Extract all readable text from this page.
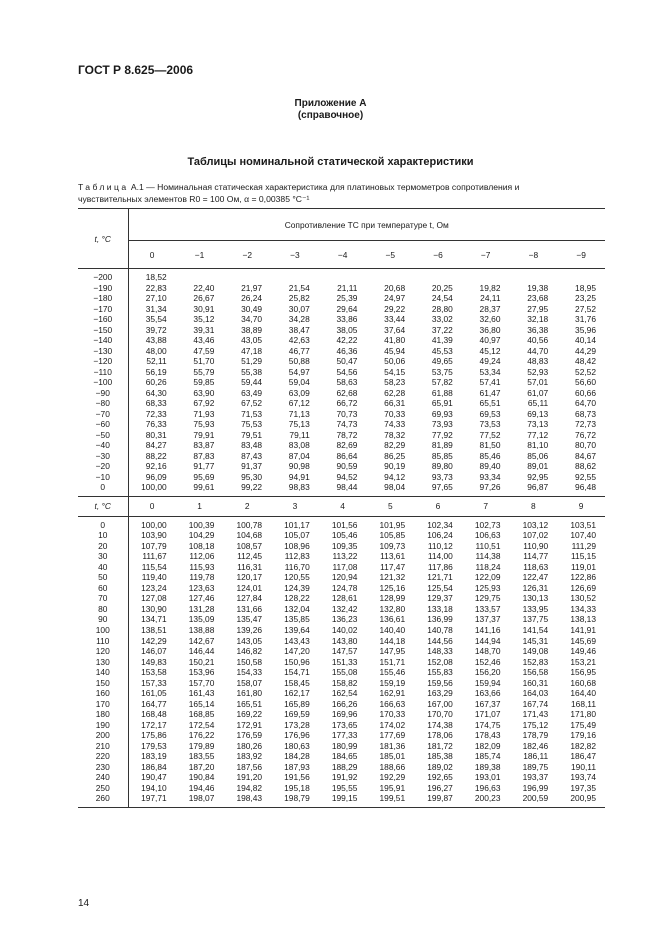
ГОСТ Р 8.625—2006
Приложение А
(справочное)
Таблицы номинальной статической характеристики
Таблица А.1 — Номинальная статическая характеристика для платиновых термометров сопротивления и
чувствительных элементов R0 = 100 Ом, α = 0,00385 °C⁻¹
t, °C	Сопротивление ТС при температуре t, Ом									
	0	−1	−2	−3	−4	−5	−6	−7	−8	−9

−200	18,52									
−190	22,83	22,40	21,97	21,54	21,11	20,68	20,25	19,82	19,38	18,95
−180	27,10	26,67	26,24	25,82	25,39	24,97	24,54	24,11	23,68	23,25
−170	31,34	30,91	30,49	30,07	29,64	29,22	28,80	28,37	27,95	27,52
−160	35,54	35,12	34,70	34,28	33,86	33,44	33,02	32,60	32,18	31,76
−150	39,72	39,31	38,89	38,47	38,05	37,64	37,22	36,80	36,38	35,96
−140	43,88	43,46	43,05	42,63	42,22	41,80	41,39	40,97	40,56	40,14
−130	48,00	47,59	47,18	46,77	46,36	45,94	45,53	45,12	44,70	44,29
−120	52,11	51,70	51,29	50,88	50,47	50,06	49,65	49,24	48,83	48,42
−110	56,19	55,79	55,38	54,97	54,56	54,15	53,75	53,34	52,93	52,52
−100	60,26	59,85	59,44	59,04	58,63	58,23	57,82	57,41	57,01	56,60
−90	64,30	63,90	63,49	63,09	62,68	62,28	61,88	61,47	61,07	60,66
−80	68,33	67,92	67,52	67,12	66,72	66,31	65,91	65,51	65,11	64,70
−70	72,33	71,93	71,53	71,13	70,73	70,33	69,93	69,53	69,13	68,73
−60	76,33	75,93	75,53	75,13	74,73	74,33	73,93	73,53	73,13	72,73
−50	80,31	79,91	79,51	79,11	78,72	78,32	77,92	77,52	77,12	76,72
−40	84,27	83,87	83,48	83,08	82,69	82,29	81,89	81,50	81,10	80,70
−30	88,22	87,83	87,43	87,04	86,64	86,25	85,85	85,46	85,06	84,67
−20	92,16	91,77	91,37	90,98	90,59	90,19	89,80	89,40	89,01	88,62
−10	96,09	95,69	95,30	94,91	94,52	94,12	93,73	93,34	92,95	92,55
0	100,00	99,61	99,22	98,83	98,44	98,04	97,65	97,26	96,87	96,48

t, °C	0	1	2	3	4	5	6	7	8	9

0	100,00	100,39	100,78	101,17	101,56	101,95	102,34	102,73	103,12	103,51
10	103,90	104,29	104,68	105,07	105,46	105,85	106,24	106,63	107,02	107,40
20	107,79	108,18	108,57	108,96	109,35	109,73	110,12	110,51	110,90	111,29
30	111,67	112,06	112,45	112,83	113,22	113,61	114,00	114,38	114,77	115,15
40	115,54	115,93	116,31	116,70	117,08	117,47	117,86	118,24	118,63	119,01
50	119,40	119,78	120,17	120,55	120,94	121,32	121,71	122,09	122,47	122,86
60	123,24	123,63	124,01	124,39	124,78	125,16	125,54	125,93	126,31	126,69
70	127,08	127,46	127,84	128,22	128,61	128,99	129,37	129,75	130,13	130,52
80	130,90	131,28	131,66	132,04	132,42	132,80	133,18	133,57	133,95	134,33
90	134,71	135,09	135,47	135,85	136,23	136,61	136,99	137,37	137,75	138,13
100	138,51	138,88	139,26	139,64	140,02	140,40	140,78	141,16	141,54	141,91
110	142,29	142,67	143,05	143,43	143,80	144,18	144,56	144,94	145,31	145,69
120	146,07	146,44	146,82	147,20	147,57	147,95	148,33	148,70	149,08	149,46
130	149,83	150,21	150,58	150,96	151,33	151,71	152,08	152,46	152,83	153,21
140	153,58	153,96	154,33	154,71	155,08	155,46	155,83	156,20	156,58	156,95
150	157,33	157,70	158,07	158,45	158,82	159,19	159,56	159,94	160,31	160,68
160	161,05	161,43	161,80	162,17	162,54	162,91	163,29	163,66	164,03	164,40
170	164,77	165,14	165,51	165,89	166,26	166,63	167,00	167,37	167,74	168,11
180	168,48	168,85	169,22	169,59	169,96	170,33	170,70	171,07	171,43	171,80
190	172,17	172,54	172,91	173,28	173,65	174,02	174,38	174,75	175,12	175,49
200	175,86	176,22	176,59	176,96	177,33	177,69	178,06	178,43	178,79	179,16
210	179,53	179,89	180,26	180,63	180,99	181,36	181,72	182,09	182,46	182,82
220	183,19	183,55	183,92	184,28	184,65	185,01	185,38	185,74	186,11	186,47
230	186,84	187,20	187,56	187,93	188,29	188,66	189,02	189,38	189,75	190,11
240	190,47	190,84	191,20	191,56	191,92	192,29	192,65	193,01	193,37	193,74
250	194,10	194,46	194,82	195,18	195,55	195,91	196,27	196,63	196,99	197,35
260	197,71	198,07	198,43	198,79	199,15	199,51	199,87	200,23	200,59	200,95

14
